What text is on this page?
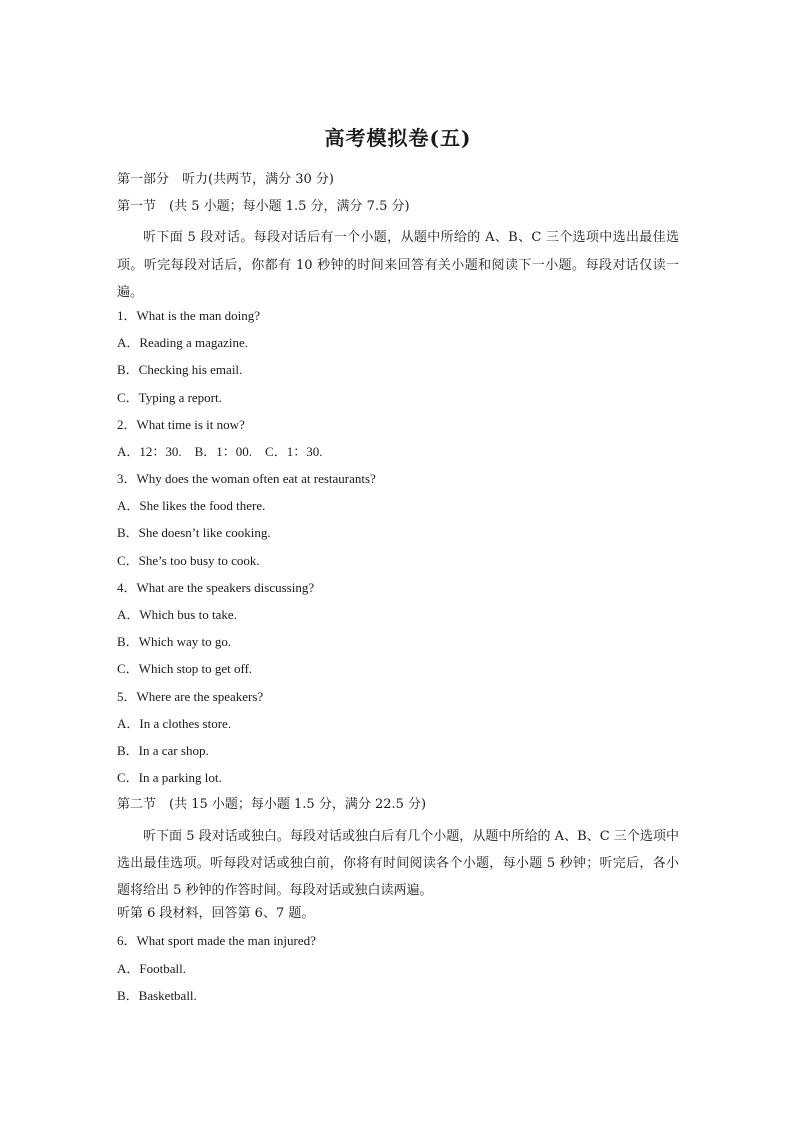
高考模拟卷(五)
第一部分　听力(共两节，满分 30 分)
第一节　(共 5 小题；每小题 1.5 分，满分 7.5 分)

听下面 5 段对话。每段对话后有一个小题，从题中所给的 A、B、C 三个选项中选出最佳选项。听完每段对话后，你都有 10 秒钟的时间来回答有关小题和阅读下一小题。每段对话仅读一遍。

1．What is the man doing?
A．Reading a magazine.
B．Checking his email.
C．Typing a report.
2．What time is it now?
A．12：30.　B．1：00.　C．1：30.
3．Why does the woman often eat at restaurants?
A．She likes the food there.
B．She doesn’t like cooking.
C．She’s too busy to cook.
4．What are the speakers discussing?
A．Which bus to take.
B．Which way to go.
C．Which stop to get off.
5．Where are the speakers?
A．In a clothes store.
B．In a car shop.
C．In a parking lot.
第二节　(共 15 小题；每小题 1.5 分，满分 22.5 分)

听下面 5 段对话或独白。每段对话或独白后有几个小题，从题中所给的 A、B、C 三个选项中选出最佳选项。听每段对话或独白前，你将有时间阅读各个小题，每小题 5 秒钟；听完后，各小题将给出 5 秒钟的作答时间。每段对话或独白读两遍。

听第 6 段材料，回答第 6、7 题。
6．What sport made the man injured?
A．Football.
B．Basketball.
